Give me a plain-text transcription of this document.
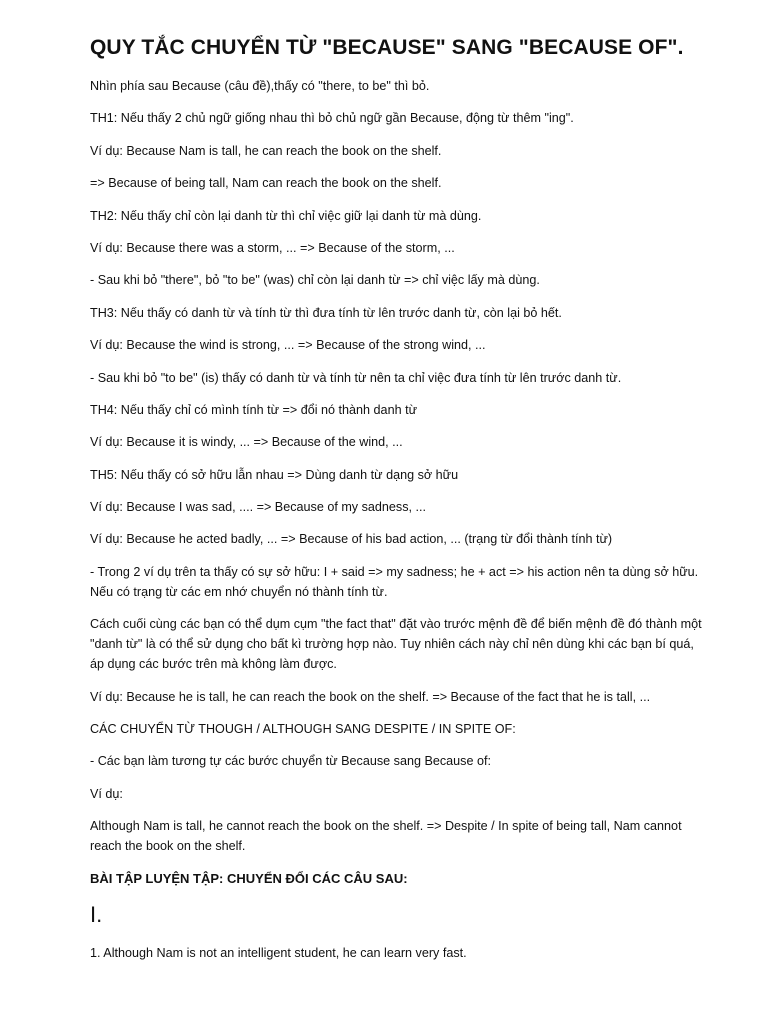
QUY TẮC CHUYỂN TỪ "BECAUSE" SANG "BECAUSE OF".

Nhìn phía sau Because (câu đề),thấy có "there, to be" thì bỏ.

TH1: Nếu thấy 2 chủ ngữ giống nhau thì bỏ chủ ngữ gần Because, động từ thêm "ing".

Ví dụ: Because Nam is tall, he can reach the book on the shelf.

=> Because of being tall, Nam can reach the book on the shelf.

TH2: Nếu thấy chỉ còn lại danh từ thì chỉ việc giữ lại danh từ mà dùng.

Ví dụ: Because there was a storm, ... => Because of the storm, ...

- Sau khi bỏ "there", bỏ "to be" (was) chỉ còn lại danh từ => chỉ việc lấy mà dùng.

TH3: Nếu thấy có danh từ và tính từ thì đưa tính từ lên trước danh từ, còn lại bỏ hết.

Ví dụ: Because the wind is strong, ... => Because of the strong wind, ...

- Sau khi bỏ "to be" (is) thấy có danh từ và tính từ nên ta chỉ việc đưa tính từ lên trước danh từ.

TH4: Nếu thấy chỉ có mình tính từ => đổi nó thành danh từ

Ví dụ: Because it is windy, ... => Because of the wind, ...

TH5: Nếu thấy có sở hữu lẫn nhau => Dùng danh từ dạng sở hữu

Ví dụ: Because I was sad, .... => Because of my sadness, ...

Ví dụ: Because he acted badly, ... => Because of his bad action, ... (trạng từ đổi thành tính từ)

- Trong 2 ví dụ trên ta thấy có sự sở hữu: I + said => my sadness; he + act => his action nên ta dùng sở hữu. Nếu có trạng từ các em nhớ chuyển nó thành tính từ.

Cách cuối cùng các bạn có thể dụm cụm "the fact that" đặt vào trước mệnh đề để biến mệnh đề đó thành một "danh từ" là có thể sử dụng cho bất kì trường hợp nào. Tuy nhiên cách này chỉ nên dùng khi các bạn bí quá, áp dụng các bước trên mà không làm được.

Ví dụ: Because he is tall, he can reach the book on the shelf. => Because of the fact that he is tall, ...

CÁC CHUYỂN TỪ THOUGH / ALTHOUGH SANG DESPITE / IN SPITE OF:

- Các bạn làm tương tự các bước chuyển từ Because sang Because of:

Ví dụ:

Although Nam is tall, he cannot reach the book on the shelf. => Despite / In spite of being tall, Nam cannot reach the book on the shelf.

BÀI TẬP LUYỆN TẬP: CHUYỂN ĐỔI CÁC CÂU SAU:

I.

1. Although Nam is not an intelligent student, he can learn very fast.
